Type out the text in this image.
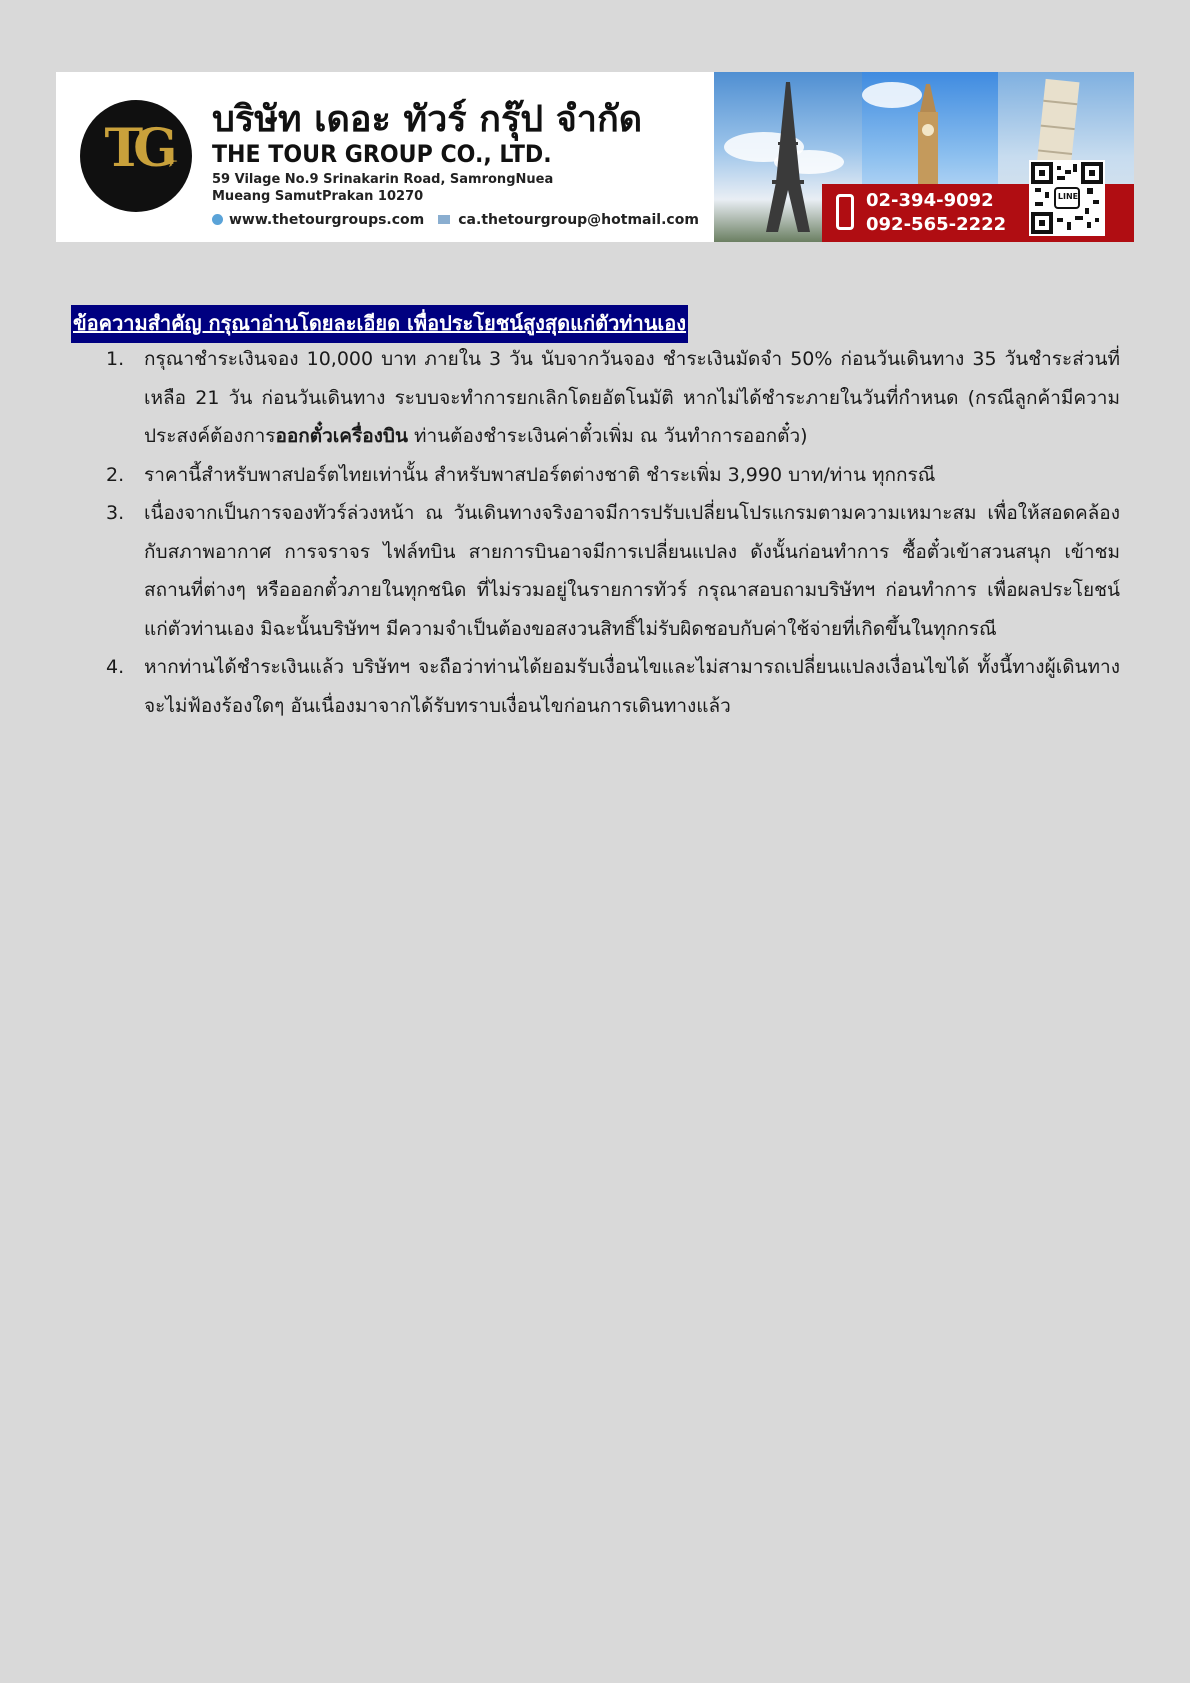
TG
✈
บริษัท เดอะ ทัวร์ กรุ๊ป จำกัด
THE TOUR GROUP CO., LTD.
59 Vilage No.9 Srinakarin Road, SamrongNuea
Mueang SamutPrakan 10270
www.thetourgroups.com ca.thetourgroup@hotmail.com
02-394-9092
092-565-2222
LINE
ข้อความสำคัญ กรุณาอ่านโดยละเอียด เพื่อประโยชน์สูงสุดแก่ตัวท่านเอง
1. กรุณาชำระเงินจอง 10,000 บาท ภายใน 3 วัน นับจากวันจอง ชำระเงินมัดจำ 50% ก่อนวันเดินทาง 35 วันชำระส่วนที่เหลือ 21 วัน ก่อนวันเดินทาง ระบบจะทำการยกเลิกโดยอัตโนมัติ หากไม่ได้ชำระภายในวันที่กำหนด (กรณีลูกค้ามีความประสงค์ต้องการออกตั๋วเครื่องบิน ท่านต้องชำระเงินค่าตั๋วเพิ่ม ณ วันทำการออกตั๋ว)
2. ราคานี้สำหรับพาสปอร์ตไทยเท่านั้น สำหรับพาสปอร์ตต่างชาติ ชำระเพิ่ม 3,990 บาท/ท่าน ทุกกรณี
3. เนื่องจากเป็นการจองทัวร์ล่วงหน้า ณ วันเดินทางจริงอาจมีการปรับเปลี่ยนโปรแกรมตามความเหมาะสม เพื่อให้สอดคล้องกับสภาพอากาศ การจราจร ไฟล์ทบิน สายการบินอาจมีการเปลี่ยนแปลง ดังนั้นก่อนทำการ ซื้อตั๋วเข้าสวนสนุก เข้าชมสถานที่ต่างๆ หรือออกตั๋วภายในทุกชนิด ที่ไม่รวมอยู่ในรายการทัวร์ กรุณาสอบถามบริษัทฯ ก่อนทำการ เพื่อผลประโยชน์แก่ตัวท่านเอง มิฉะนั้นบริษัทฯ มีความจำเป็นต้องขอสงวนสิทธิ์ไม่รับผิดชอบกับค่าใช้จ่ายที่เกิดขึ้นในทุกกรณี
4. หากท่านได้ชำระเงินแล้ว บริษัทฯ จะถือว่าท่านได้ยอมรับเงื่อนไขและไม่สามารถเปลี่ยนแปลงเงื่อนไขได้ ทั้งนี้ทางผู้เดินทางจะไม่ฟ้องร้องใดๆ อันเนื่องมาจากได้รับทราบเงื่อนไขก่อนการเดินทางแล้ว
